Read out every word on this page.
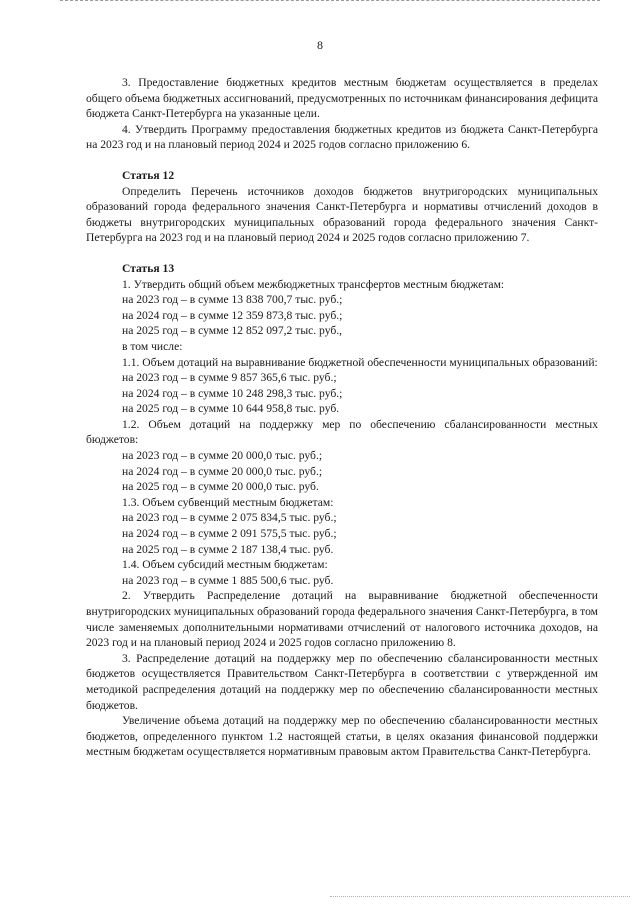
8

3. Предоставление бюджетных кредитов местным бюджетам осуществляется в пределах общего объема бюджетных ассигнований, предусмотренных по источникам финансирования дефицита бюджета Санкт-Петербурга на указанные цели.

4. Утвердить Программу предоставления бюджетных кредитов из бюджета Санкт-Петербурга на 2023 год и на плановый период 2024 и 2025 годов согласно приложению 6.

Статья 12

Определить Перечень источников доходов бюджетов внутригородских муниципальных образований города федерального значения Санкт-Петербурга и нормативы отчислений доходов в бюджеты внутригородских муниципальных образований города федерального значения Санкт-Петербурга на 2023 год и на плановый период 2024 и 2025 годов согласно приложению 7.

Статья 13

1. Утвердить общий объем межбюджетных трансфертов местным бюджетам:

на 2023 год – в сумме 13 838 700,7 тыс. руб.;

на 2024 год – в сумме 12 359 873,8 тыс. руб.;

на 2025 год – в сумме 12 852 097,2 тыс. руб.,

в том числе:

1.1. Объем дотаций на выравнивание бюджетной обеспеченности муниципальных образований:

на 2023 год – в сумме 9 857 365,6 тыс. руб.;

на 2024 год – в сумме 10 248 298,3 тыс. руб.;

на 2025 год – в сумме 10 644 958,8 тыс. руб.

1.2. Объем дотаций на поддержку мер по обеспечению сбалансированности местных бюджетов:

на 2023 год – в сумме 20 000,0 тыс. руб.;

на 2024 год – в сумме 20 000,0 тыс. руб.;

на 2025 год – в сумме 20 000,0 тыс. руб.

1.3. Объем субвенций местным бюджетам:

на 2023 год – в сумме 2 075 834,5 тыс. руб.;

на 2024 год – в сумме 2 091 575,5 тыс. руб.;

на 2025 год – в сумме 2 187 138,4 тыс. руб.

1.4. Объем субсидий местным бюджетам:

на 2023 год – в сумме 1 885 500,6 тыс. руб.

2. Утвердить Распределение дотаций на выравнивание бюджетной обеспеченности внутригородских муниципальных образований города федерального значения Санкт-Петербурга, в том числе заменяемых дополнительными нормативами отчислений от налогового источника доходов, на 2023 год и на плановый период 2024 и 2025 годов согласно приложению 8.

3. Распределение дотаций на поддержку мер по обеспечению сбалансированности местных бюджетов осуществляется Правительством Санкт-Петербурга в соответствии с утвержденной им методикой распределения дотаций на поддержку мер по обеспечению сбалансированности местных бюджетов.

Увеличение объема дотаций на поддержку мер по обеспечению сбалансированности местных бюджетов, определенного пунктом 1.2 настоящей статьи, в целях оказания финансовой поддержки местным бюджетам осуществляется нормативным правовым актом Правительства Санкт-Петербурга.
